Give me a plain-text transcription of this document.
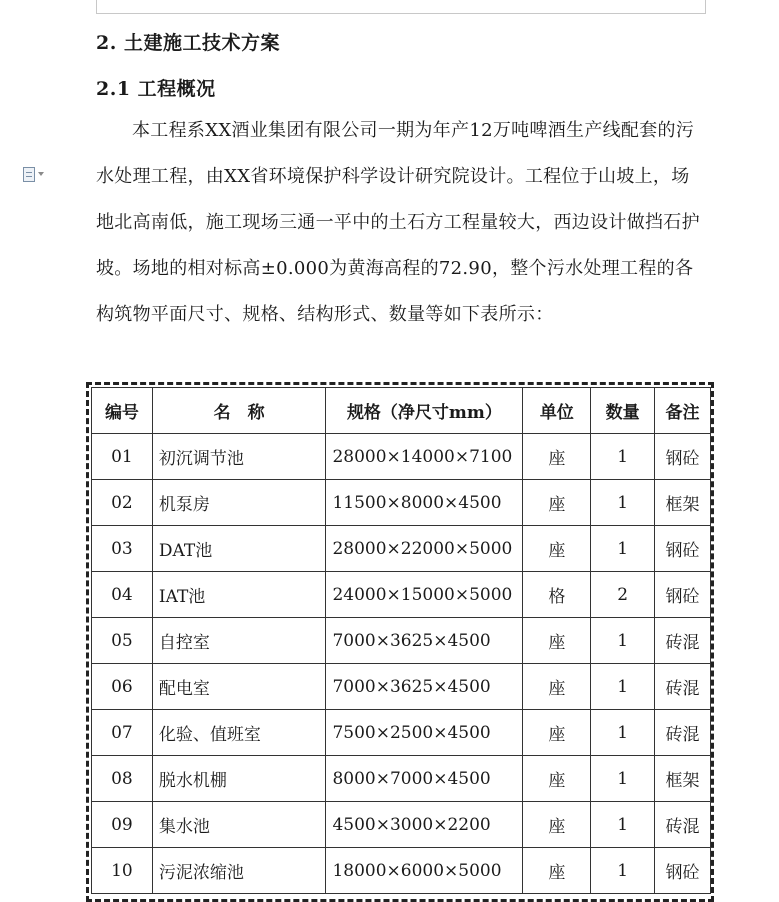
2. 土建施工技术方案
2.1 工程概况
本工程系XX酒业集团有限公司一期为年产12万吨啤酒生产线配套的污水处理工程，由XX省环境保护科学设计研究院设计。工程位于山坡上，场地北高南低，施工现场三通一平中的土石方工程量较大，西边设计做挡石护坡。场地的相对标高±0.000为黄海高程的72.90，整个污水处理工程的各构筑物平面尺寸、规格、结构形式、数量等如下表所示：
编号	名　称	规格（净尺寸mm）	单位	数量	备注
01	初沉调节池	28000×14000×7100	座	1	钢砼
02	机泵房	11500×8000×4500	座	1	框架
03	DAT池	28000×22000×5000	座	1	钢砼
04	IAT池	24000×15000×5000	格	2	钢砼
05	自控室	7000×3625×4500	座	1	砖混
06	配电室	7000×3625×4500	座	1	砖混
07	化验、值班室	7500×2500×4500	座	1	砖混
08	脱水机棚	8000×7000×4500	座	1	框架
09	集水池	4500×3000×2200	座	1	砖混
10	污泥浓缩池	18000×6000×5000	座	1	钢砼
